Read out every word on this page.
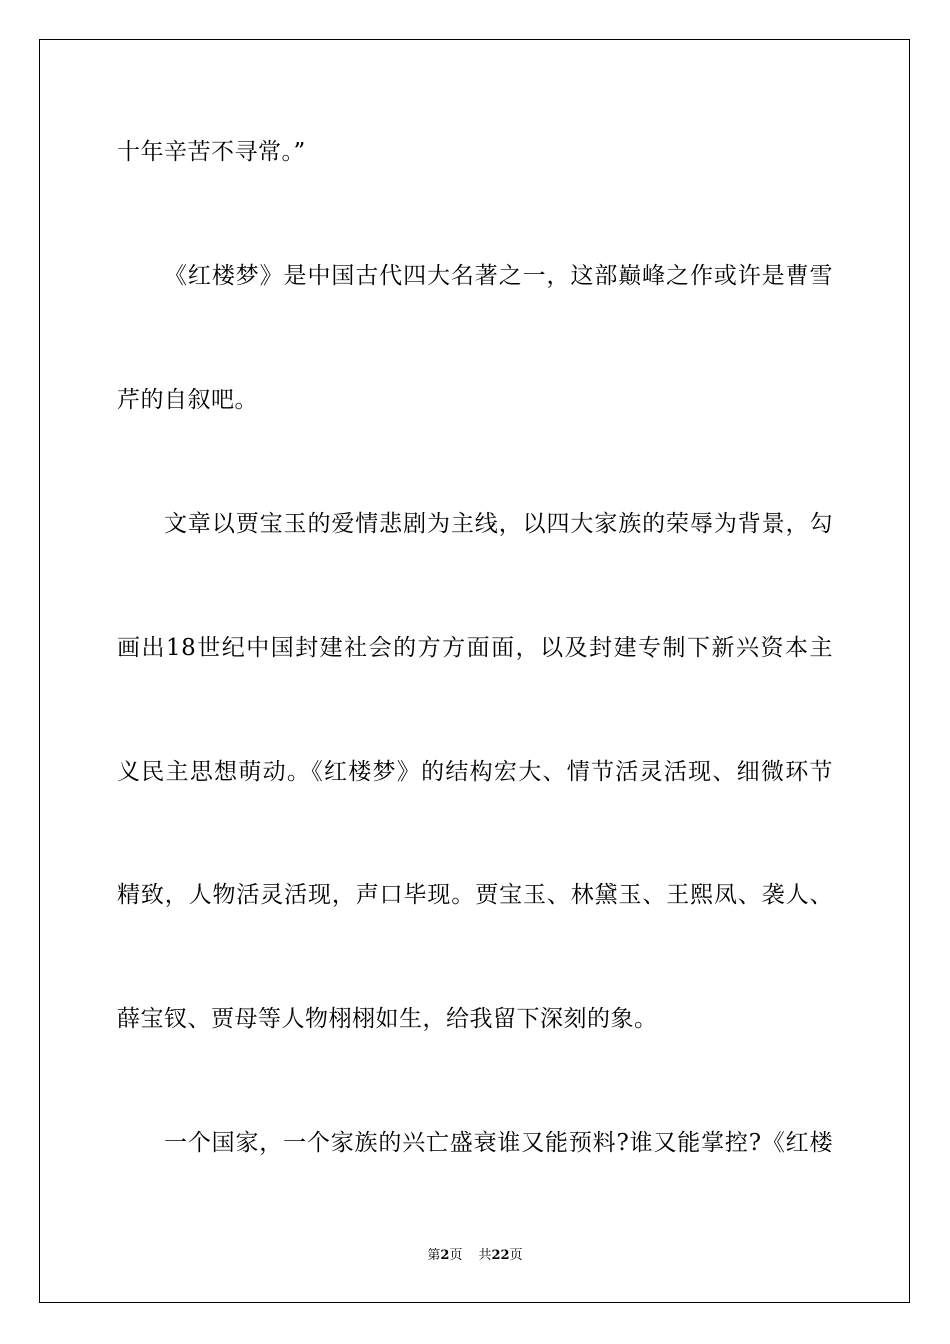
十年辛苦不寻常。”
《红楼梦》是中国古代四大名著之一，这部巅峰之作或许是曹雪
芹的自叙吧。
文章以贾宝玉的爱情悲剧为主线，以四大家族的荣辱为背景，勾
画出18世纪中国封建社会的方方面面，以及封建专制下新兴资本主
义民主思想萌动。《红楼梦》的结构宏大、情节活灵活现、细微环节
精致，人物活灵活现，声口毕现。贾宝玉、林黛玉、王熙凤、袭人、
薛宝钗、贾母等人物栩栩如生，给我留下深刻的象。
一个国家，一个家族的兴亡盛衰谁又能预料?谁又能掌控?《红楼
第2页 共22页
